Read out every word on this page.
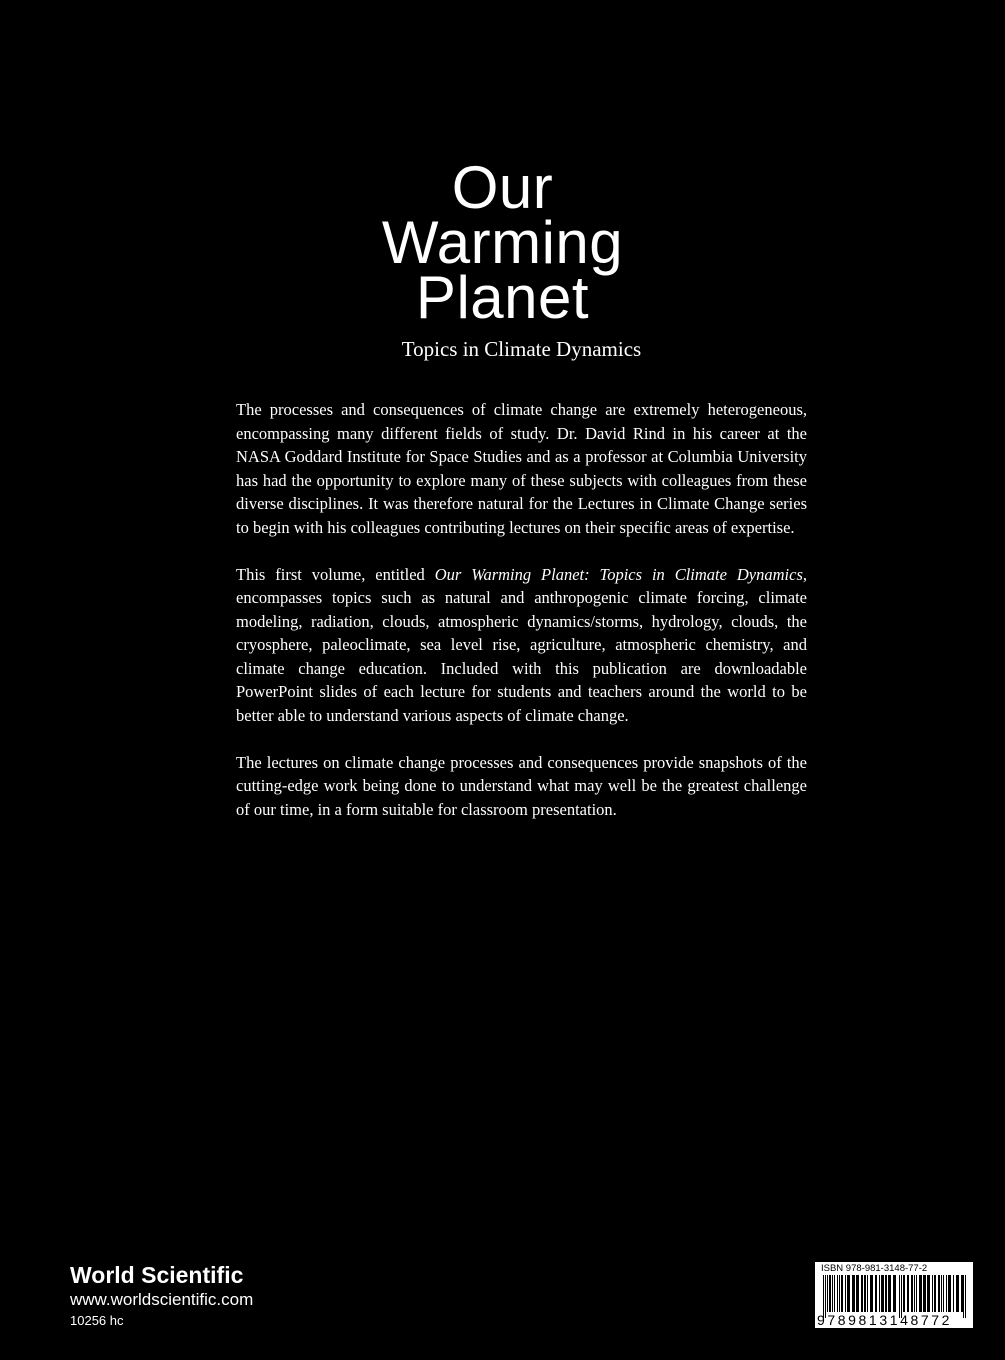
Our
Warming
Planet
Topics in Climate Dynamics

The processes and consequences of climate change are extremely heterogeneous, encompassing many different fields of study. Dr. David Rind in his career at the NASA Goddard Institute for Space Studies and as a professor at Columbia University has had the opportunity to explore many of these subjects with colleagues from these diverse disciplines. It was therefore natural for the Lectures in Climate Change series to begin with his colleagues contributing lectures on their specific areas of expertise.

This first volume, entitled Our Warming Planet: Topics in Climate Dynamics, encompasses topics such as natural and anthropogenic climate forcing, climate modeling, radiation, clouds, atmospheric dynamics/storms, hydrology, clouds, the cryosphere, paleoclimate, sea level rise, agriculture, atmospheric chemistry, and climate change education. Included with this publication are downloadable PowerPoint slides of each lecture for students and teachers around the world to be better able to understand various aspects of climate change.

The lectures on climate change processes and consequences provide snapshots of the cutting-edge work being done to understand what may well be the greatest challenge of our time, in a form suitable for classroom presentation.

World Scientific
www.worldscientific.com
10256 hc
ISBN 978-981-3148-77-2
9789813148772
